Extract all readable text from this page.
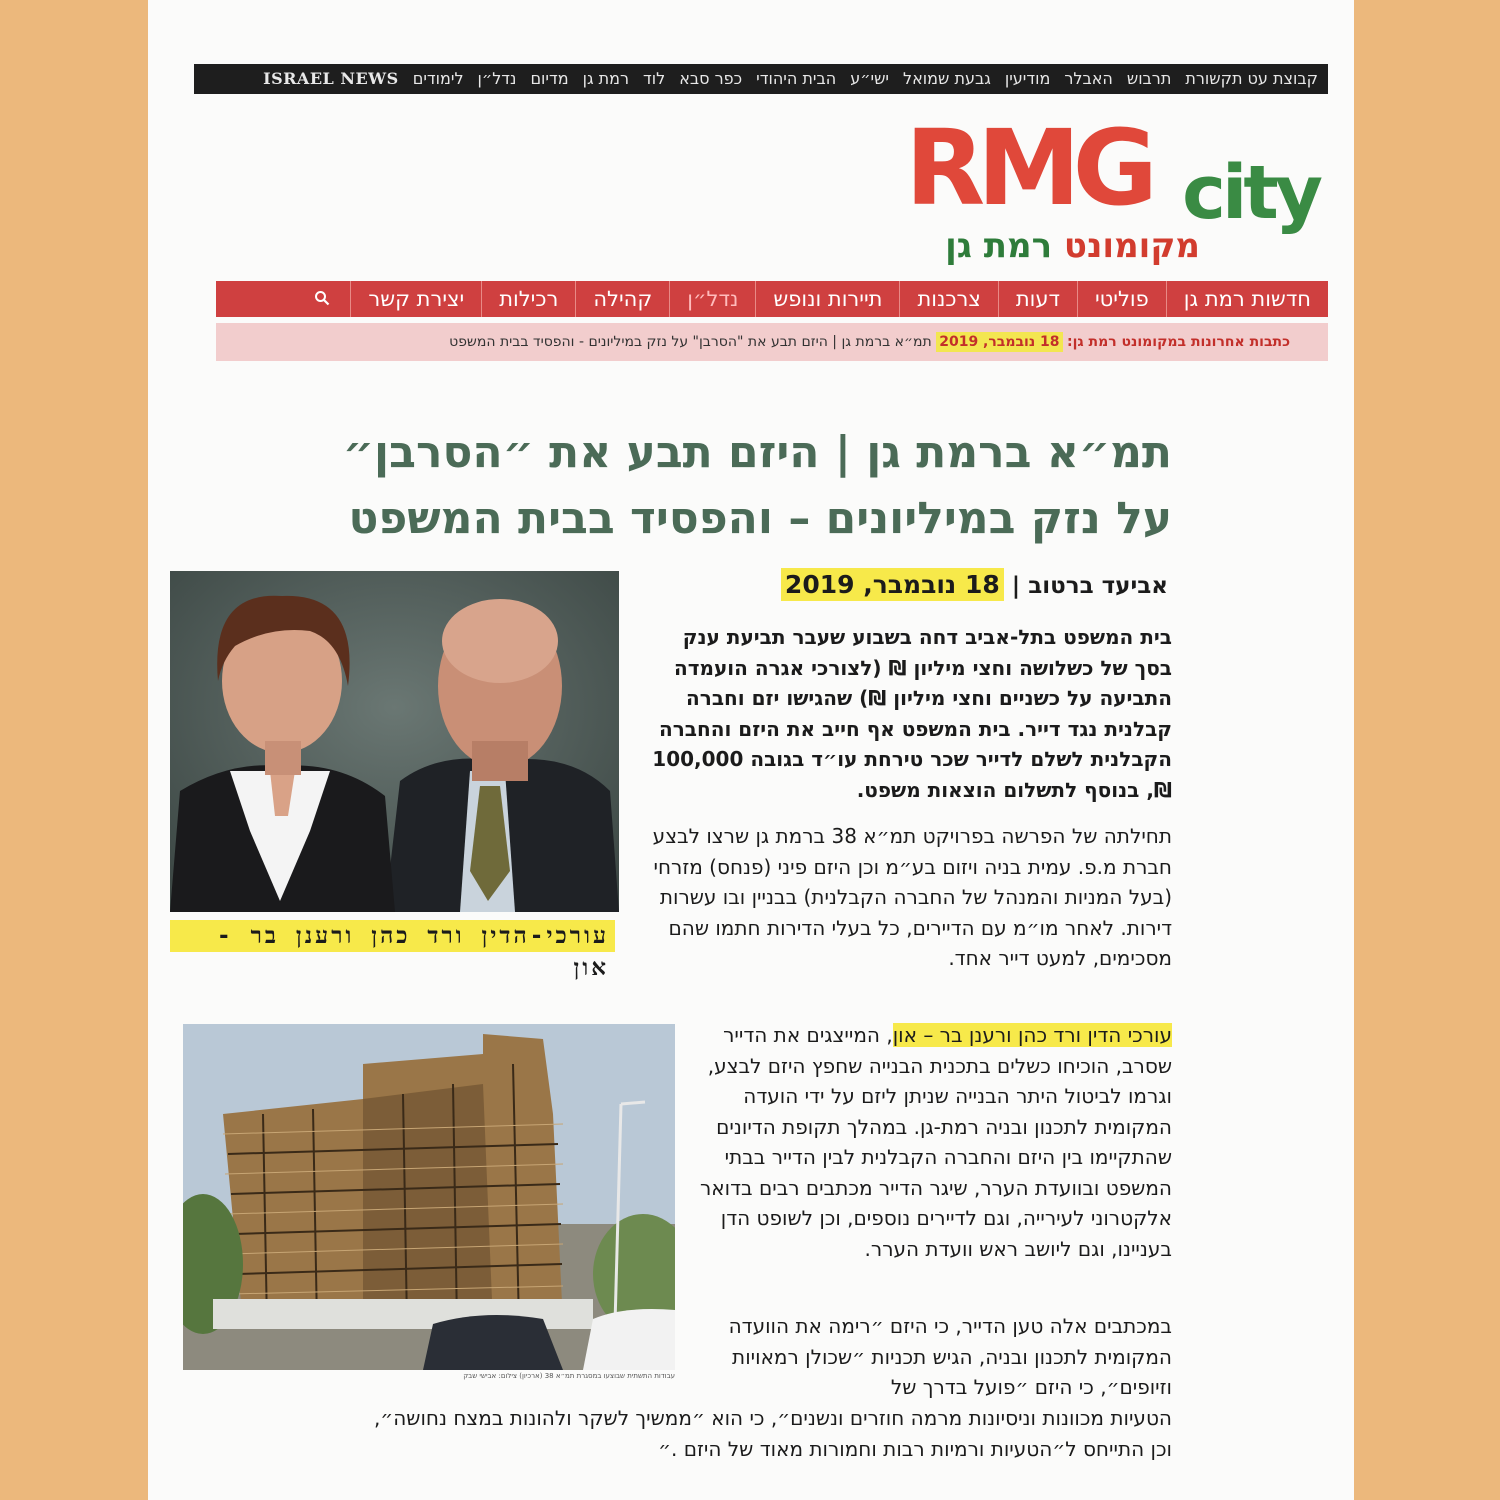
קבוצת עט תקשורת
תרבוש
האבלר
מודיעין
גבעת שמואל
ישי״ע
הבית היהודי
כפר סבא
לוד
רמת גן
מדיום
נדל״ן
לימודים
ISRAEL NEWS
RMG city
מקומונט רמת גן
חדשות רמת גן
פוליטי
דעות
צרכנות
תיירות ונופש
נדל״ן
קהילה
רכילות
יצירת קשר
כתבות אחרונות במקומונט רמת גן: 18 נובמבר, 2019 תמ״א ברמת גן | היזם תבע את "הסרבן" על נזק במיליונים - והפסיד בבית המשפט
תמ״א ברמת גן | היזם תבע את ״הסרבן״ על נזק במיליונים – והפסיד בבית המשפט
אביעד ברטוב | 18 נובמבר, 2019
עורכי-הדין ורד כהן ורענן בר - און

בית המשפט בתל-אביב דחה בשבוע שעבר תביעת ענק בסך של כשלושה וחצי מיליון ₪ (לצורכי אגרה הועמדה התביעה על כשניים וחצי מיליון ₪) שהגישו יזם וחברה קבלנית נגד דייר. בית המשפט אף חייב את היזם והחברה הקבלנית לשלם לדייר שכר טירחת עו״ד בגובה 100,000 ₪, בנוסף לתשלום הוצאות משפט.

תחילתה של הפרשה בפרויקט תמ״א 38 ברמת גן שרצו לבצע חברת מ.פ. עמית בניה ויזום בע״מ וכן היזם פיני (פנחס) מזרחי (בעל המניות והמנהל של החברה הקבלנית) בבניין ובו עשרות דירות. לאחר מו״מ עם הדיירים, כל בעלי הדירות חתמו שהם מסכימים, למעט דייר אחד.

עורכי הדין ורד כהן ורענן בר – און, המייצגים את הדייר שסרב, הוכיחו כשלים בתכנית הבנייה שחפץ היזם לבצע, וגרמו לביטול היתר הבנייה שניתן ליזם על ידי הועדה המקומית לתכנון ובניה רמת-גן. במהלך תקופת הדיונים שהתקיימו בין היזם והחברה הקבלנית לבין הדייר בבתי המשפט ובוועדת הערר, שיגר הדייר מכתבים רבים בדואר אלקטרוני לעירייה, וגם לדיירים נוספים, וכן לשופט הדן בעניינו, וגם ליושב ראש וועדת הערר.

עבודות התשתית שבוצעו במסגרת תמ״א 38 (ארכיון) צילום: אבישי שבק

במכתבים אלה טען הדייר, כי היזם ״רימה את הוועדה המקומית לתכנון ובניה, הגיש תכניות ״שכולן רמאויות וזיופים״, כי היזם ״פועל בדרך של

הטעיות מכוונות וניסיונות מרמה חוזרים ונשנים״, כי הוא ״ממשיך לשקר ולהונות במצח נחושה״, וכן התייחס ל״הטעיות ורמיות רבות וחמורות מאוד של היזם .״
